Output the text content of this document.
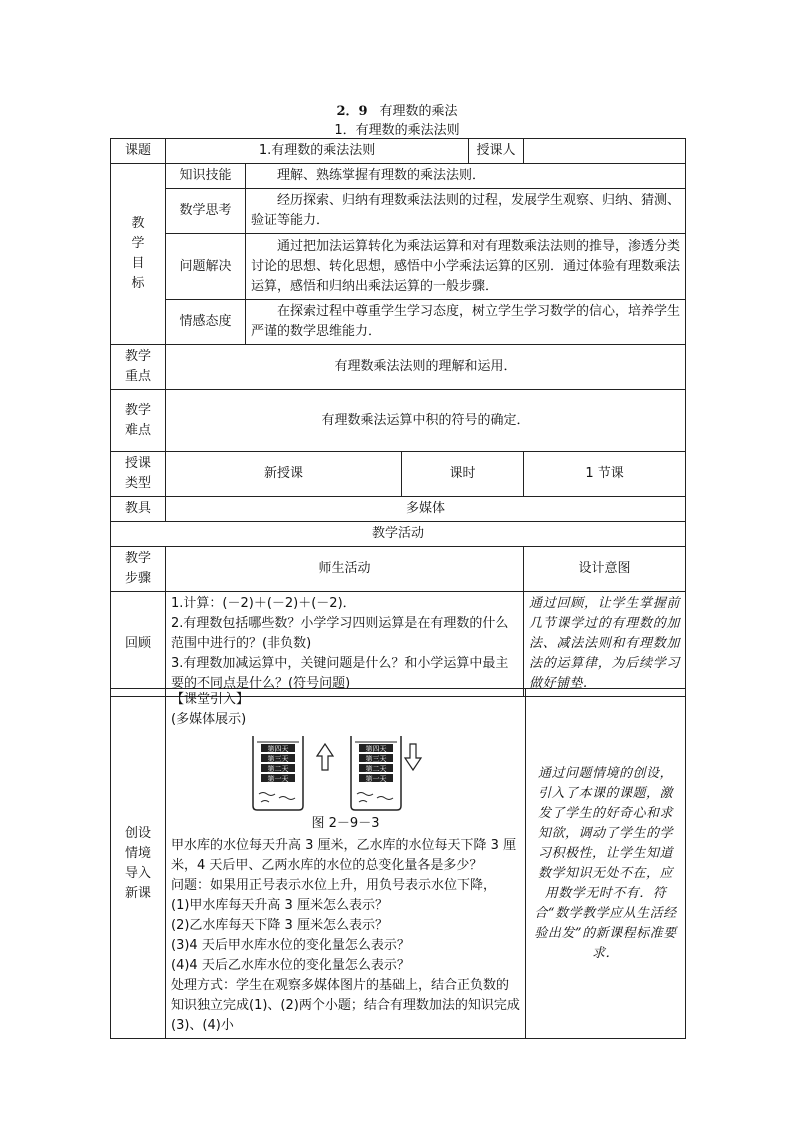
2．9 有理数的乘法
1．有理数的乘法法则
课题	1.有理数的乘法法则			授课人	

教
学
目
标	知识技能	理解、熟练掌握有理数的乘法法则．			
	数学思考	经历探索、归纳有理数乘法法则的过程，发展学生观察、归纳、猜测、验证等能力．			
	问题解决	通过把加法运算转化为乘法运算和对有理数乘法法则的推导，渗透分类讨论的思想、转化思想，感悟中小学乘法运算的区别．通过体验有理数乘法运算，感悟和归纳出乘法运算的一般步骤．			
	情感态度	在探索过程中尊重学生学习态度，树立学生学习数学的信心，培养学生严谨的数学思维能力．			

教学
重点	有理数乘法法则的理解和运用．				

教学
难点	有理数乘法运算中积的符号的确定．				

授课
类型	新授课		课时		1 节课
教具	多媒体				
教学活动					

教学
步骤	师生活动				设计意图
回顾	1.计算：(－2)＋(－2)＋(－2)．
2.有理数包括哪些数？小学学习四则运算是在有理数的什么范围中进行的？(非负数)
3.有理数加减运算中，关键问题是什么？和小学运算中最主要的不同点是什么？(符号问题)				通过回顾，让学生掌握前几节课学过的有理数的加法、减法法则和有理数加法的运算律，为后续学习做好铺垫.
创设
情境
导入
新课

【课堂引入】
(多媒体展示)
第四天
第三天
第二天
第一天
第四天
第三天
第二天
第一天
图 2－9－3
甲水库的水位每天升高 3 厘米，乙水库的水位每天下降 3 厘米，4 天后甲、乙两水库的水位的总变化量各是多少？
问题：如果用正号表示水位上升，用负号表示水位下降，
(1)甲水库每天升高 3 厘米怎么表示？
(2)乙水库每天下降 3 厘米怎么表示？
(3)4 天后甲水库水位的变化量怎么表示？
(4)4 天后乙水库水位的变化量怎么表示？
处理方式：学生在观察多媒体图片的基础上，结合正负数的知识独立完成(1)、(2)两个小题；结合有理数加法的知识完成(3)、(4)小
	通过问题情境的创设，引入了本课的课题，激发了学生的好奇心和求知欲，调动了学生的学习积极性，让学生知道数学知识无处不在，应用数学无时不有．符合“数学教学应从生活经验出发”的新课程标准要求．
